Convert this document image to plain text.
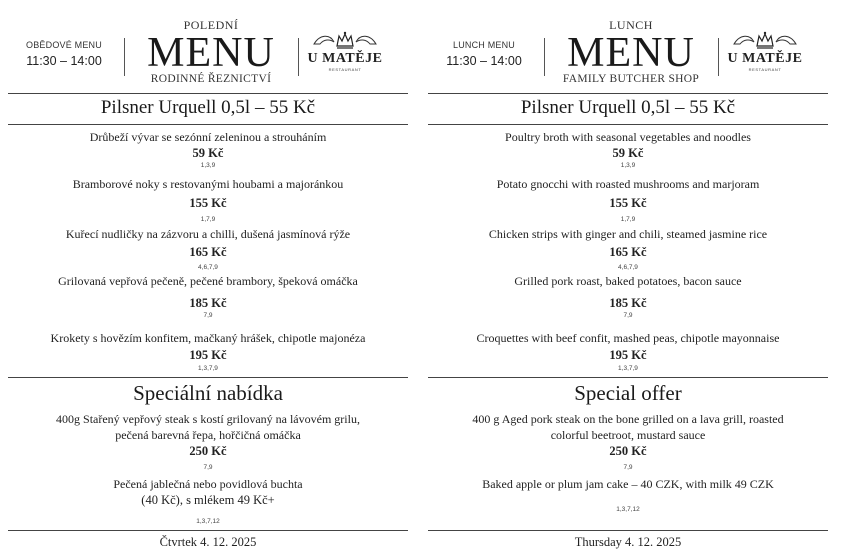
OBĚDOVÉ MENU
11:30 – 14:00
POLEDNÍ
MENU
RODINNÉ ŘEZNICTVÍ
U MATĚJE
RESTAURANT
Pilsner Urquell 0,5l – 55 Kč
Drůbeží vývar se sezónní zeleninou a strouháním
59 Kč
1,3,9
Bramborové noky s restovanými houbami a majoránkou
155 Kč
1,7,9
Kuřecí nudličky na zázvoru a chilli, dušená jasmínová rýže
165 Kč
4,6,7,9
Grilovaná vepřová pečeně, pečené brambory, špeková omáčka
185 Kč
7,9
Krokety s hovězím konfitem, mačkaný hrášek, chipotle majonéza
195 Kč
1,3,7,9
Speciální nabídka
400g Stařený vepřový steak s kostí grilovaný na lávovém grilu,
pečená barevná řepa, hořčičná omáčka
250 Kč
7,9
Pečená jablečná nebo povidlová buchta
(40 Kč), s mlékem 49 Kč+
1,3,7,12
Čtvrtek 4. 12. 2025
LUNCH MENU
11:30 – 14:00
LUNCH
MENU
FAMILY BUTCHER SHOP
U MATĚJE
RESTAURANT
Pilsner Urquell 0,5l – 55 Kč
Poultry broth with seasonal vegetables and noodles
59 Kč
1,3,9
Potato gnocchi with roasted mushrooms and marjoram
155 Kč
1,7,9
Chicken strips with ginger and chili, steamed jasmine rice
165 Kč
4,6,7,9
Grilled pork roast, baked potatoes, bacon sauce
185 Kč
7,9
Croquettes with beef confit, mashed peas, chipotle mayonnaise
195 Kč
1,3,7,9
Special offer
400 g Aged pork steak on the bone grilled on a lava grill, roasted
colorful beetroot, mustard sauce
250 Kč
7,9
Baked apple or plum jam cake – 40 CZK, with milk 49 CZK
1,3,7,12
Thursday 4. 12. 2025
